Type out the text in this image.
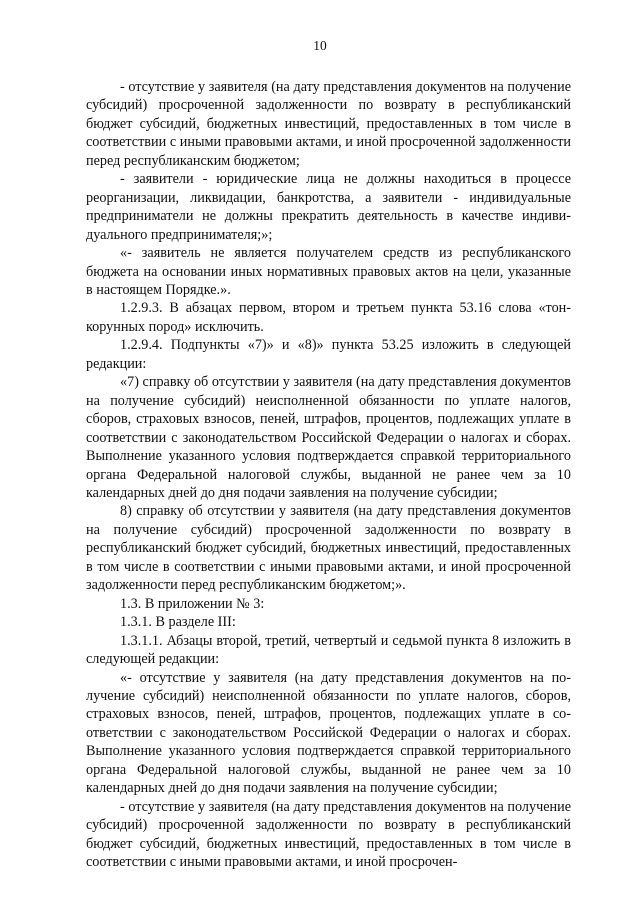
10

- отсутствие у заявителя (на дату представления документов на получение субсидий) просроченной задолженности по возврату в республиканский бюджет субсидий, бюджетных инвестиций, предоставленных в том числе в соответствии с иными правовыми актами, и иной просроченной задолженности перед республиканским бюджетом;

- заявители - юридические лица не должны находиться в процессе реорганизации, ликвидации, банкротства, а заявители - индивидуальные предприниматели не должны прекратить деятельность в качестве индивидуального предпринимателя;»;

«- заявитель не является получателем средств из республиканского бюджета на основании иных нормативных правовых актов на цели, указанные в настоящем Порядке.».

1.2.9.3. В абзацах первом, втором и третьем пункта 53.16 слова «тонкорунных пород» исключить.

1.2.9.4. Подпункты «7)» и «8)» пункта 53.25 изложить в следующей редакции:

«7) справку об отсутствии у заявителя (на дату представления документов на получение субсидий) неисполненной обязанности по уплате налогов, сборов, страховых взносов, пеней, штрафов, процентов, подлежащих уплате в соответствии с законодательством Российской Федерации о налогах и сборах. Выполнение указанного условия подтверждается справкой территориального органа Федеральной налоговой службы, выданной не ранее чем за 10 календарных дней до дня подачи заявления на получение субсидии;

8) справку об отсутствии у заявителя (на дату представления документов на получение субсидий) просроченной задолженности по возврату в республиканский бюджет субсидий, бюджетных инвестиций, предоставленных в том числе в соответствии с иными правовыми актами, и иной просроченной задолженности перед республиканским бюджетом;».

1.3. В приложении № 3:

1.3.1. В разделе III:

1.3.1.1. Абзацы второй, третий, четвертый и седьмой пункта 8 изложить в следующей редакции:

«- отсутствие у заявителя (на дату представления документов на получение субсидий) неисполненной обязанности по уплате налогов, сборов, страховых взносов, пеней, штрафов, процентов, подлежащих уплате в соответствии с законодательством Российской Федерации о налогах и сборах. Выполнение указанного условия подтверждается справкой территориального органа Федеральной налоговой службы, выданной не ранее чем за 10 календарных дней до дня подачи заявления на получение субсидии;

- отсутствие у заявителя (на дату представления документов на получение субсидий) просроченной задолженности по возврату в республиканский бюджет субсидий, бюджетных инвестиций, предоставленных в том числе в соответствии с иными правовыми актами, и иной просрочен-
